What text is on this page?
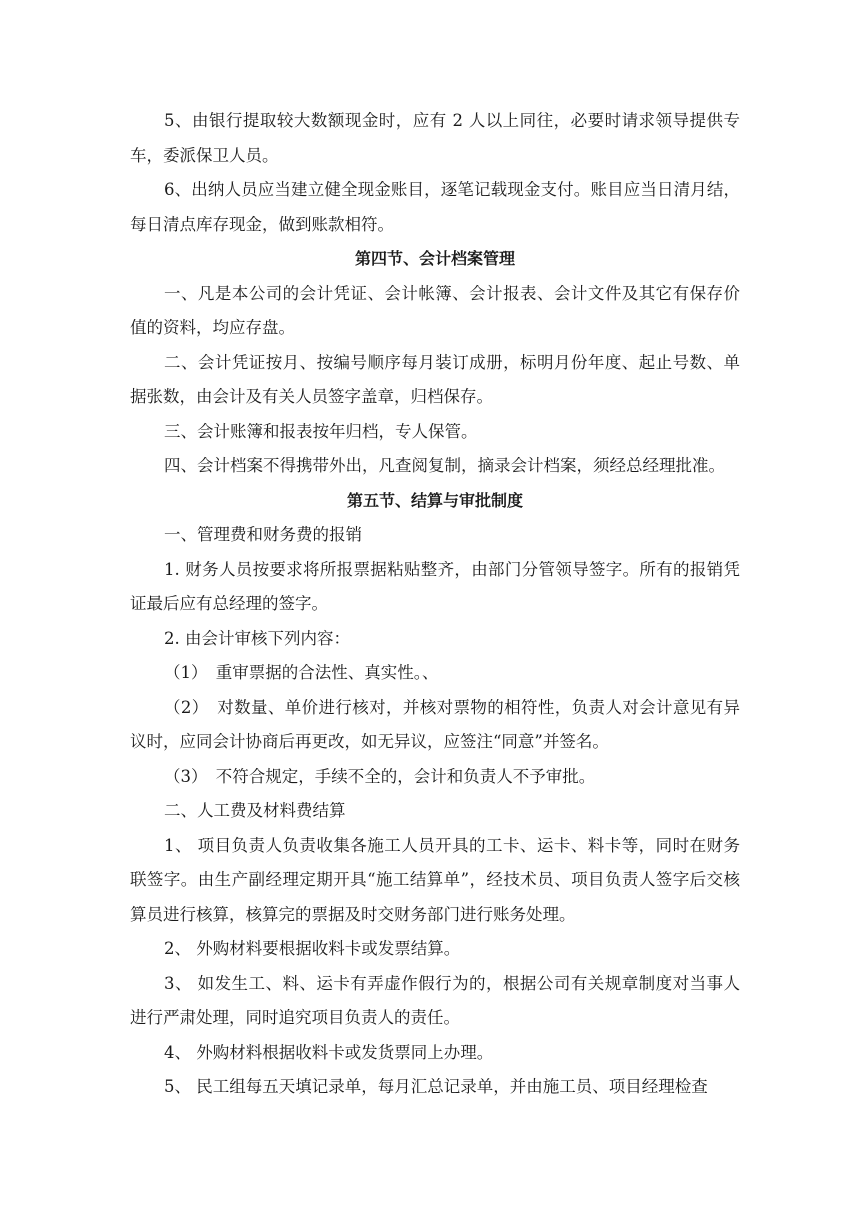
5、由银行提取较大数额现金时，应有 2 人以上同往，必要时请求领导提供专车，委派保卫人员。

6、出纳人员应当建立健全现金账目，逐笔记载现金支付。账目应当日清月结，每日清点库存现金，做到账款相符。

第四节、会计档案管理

一、凡是本公司的会计凭证、会计帐簿、会计报表、会计文件及其它有保存价值的资料，均应存盘。

二、会计凭证按月、按编号顺序每月装订成册，标明月份年度、起止号数、单据张数，由会计及有关人员签字盖章，归档保存。

三、会计账簿和报表按年归档，专人保管。

四、会计档案不得携带外出，凡查阅复制，摘录会计档案，须经总经理批准。

第五节、结算与审批制度

一、管理费和财务费的报销

1. 财务人员按要求将所报票据粘贴整齐，由部门分管领导签字。所有的报销凭证最后应有总经理的签字。

2. 由会计审核下列内容：

（1）　重审票据的合法性、真实性。、

（2）　对数量、单价进行核对，并核对票物的相符性，负责人对会计意见有异议时，应同会计协商后再更改，如无异议，应签注“同意”并签名。

（3）　不符合规定，手续不全的，会计和负责人不予审批。

二、人工费及材料费结算

1、 项目负责人负责收集各施工人员开具的工卡、运卡、料卡等，同时在财务联签字。由生产副经理定期开具“施工结算单”，经技术员、项目负责人签字后交核算员进行核算，核算完的票据及时交财务部门进行账务处理。

2、 外购材料要根据收料卡或发票结算。

3、 如发生工、料、运卡有弄虚作假行为的，根据公司有关规章制度对当事人进行严肃处理，同时追究项目负责人的责任。

4、 外购材料根据收料卡或发货票同上办理。

5、 民工组每五天填记录单，每月汇总记录单，并由施工员、项目经理检查
